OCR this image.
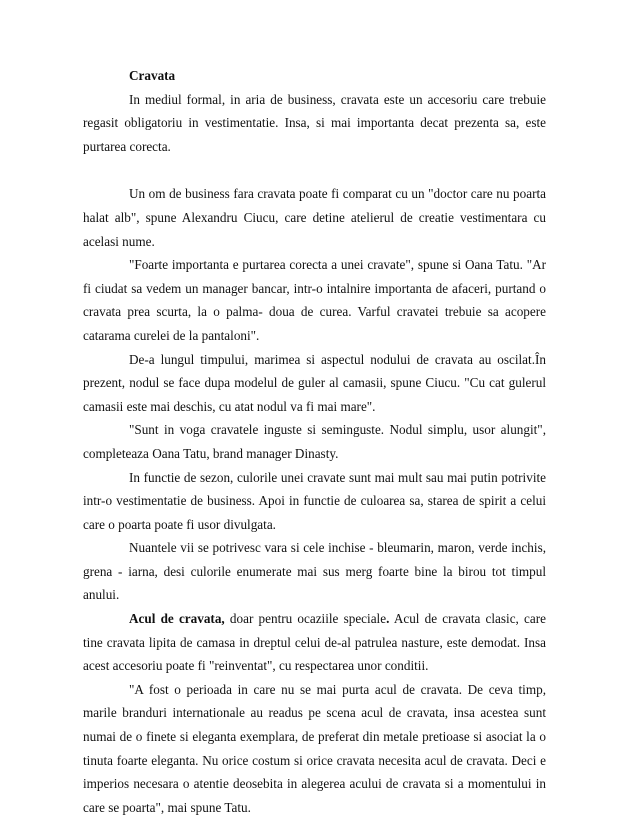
Cravata

In mediul formal, in aria de business, cravata este un accesoriu care trebuie regasit obligatoriu in vestimentatie. Insa, si mai importanta decat prezenta sa, este purtarea corecta.

Un om de business fara cravata poate fi comparat cu un "doctor care nu poarta halat alb", spune Alexandru Ciucu, care detine atelierul de creatie vestimentara cu acelasi nume.

"Foarte importanta e purtarea corecta a unei cravate", spune si Oana Tatu. "Ar fi ciudat sa vedem un manager bancar, intr-o intalnire importanta de afaceri, purtand o cravata prea scurta, la o palma- doua de curea. Varful cravatei trebuie sa acopere catarama curelei de la pantaloni".

De-a lungul timpului, marimea si aspectul nodului de cravata au oscilat.În prezent, nodul se face dupa modelul de guler al camasii, spune Ciucu. "Cu cat gulerul camasii este mai deschis, cu atat nodul va fi mai mare".

"Sunt in voga cravatele inguste si seminguste. Nodul simplu, usor alungit", completeaza Oana Tatu, brand manager Dinasty.

In functie de sezon, culorile unei cravate sunt mai mult sau mai putin potrivite intr-o vestimentatie de business. Apoi in functie de culoarea sa, starea de spirit a celui care o poarta poate fi usor divulgata.

Nuantele vii se potrivesc vara si cele inchise - bleumarin, maron, verde inchis, grena - iarna, desi culorile enumerate mai sus merg foarte bine la birou tot timpul anului.

Acul de cravata, doar pentru ocaziile speciale. Acul de cravata clasic, care tine cravata lipita de camasa in dreptul celui de-al patrulea nasture, este demodat. Insa acest accesoriu poate fi "reinventat", cu respectarea unor conditii.

"A fost o perioada in care nu se mai purta acul de cravata. De ceva timp, marile branduri internationale au readus pe scena acul de cravata, insa acestea sunt numai de o finete si eleganta exemplara, de preferat din metale pretioase si asociat la o tinuta foarte eleganta. Nu orice costum si orice cravata necesita acul de cravata. Deci e imperios necesara o atentie deosebita in alegerea acului de cravata si a momentului in care se poarta", mai spune Tatu.
